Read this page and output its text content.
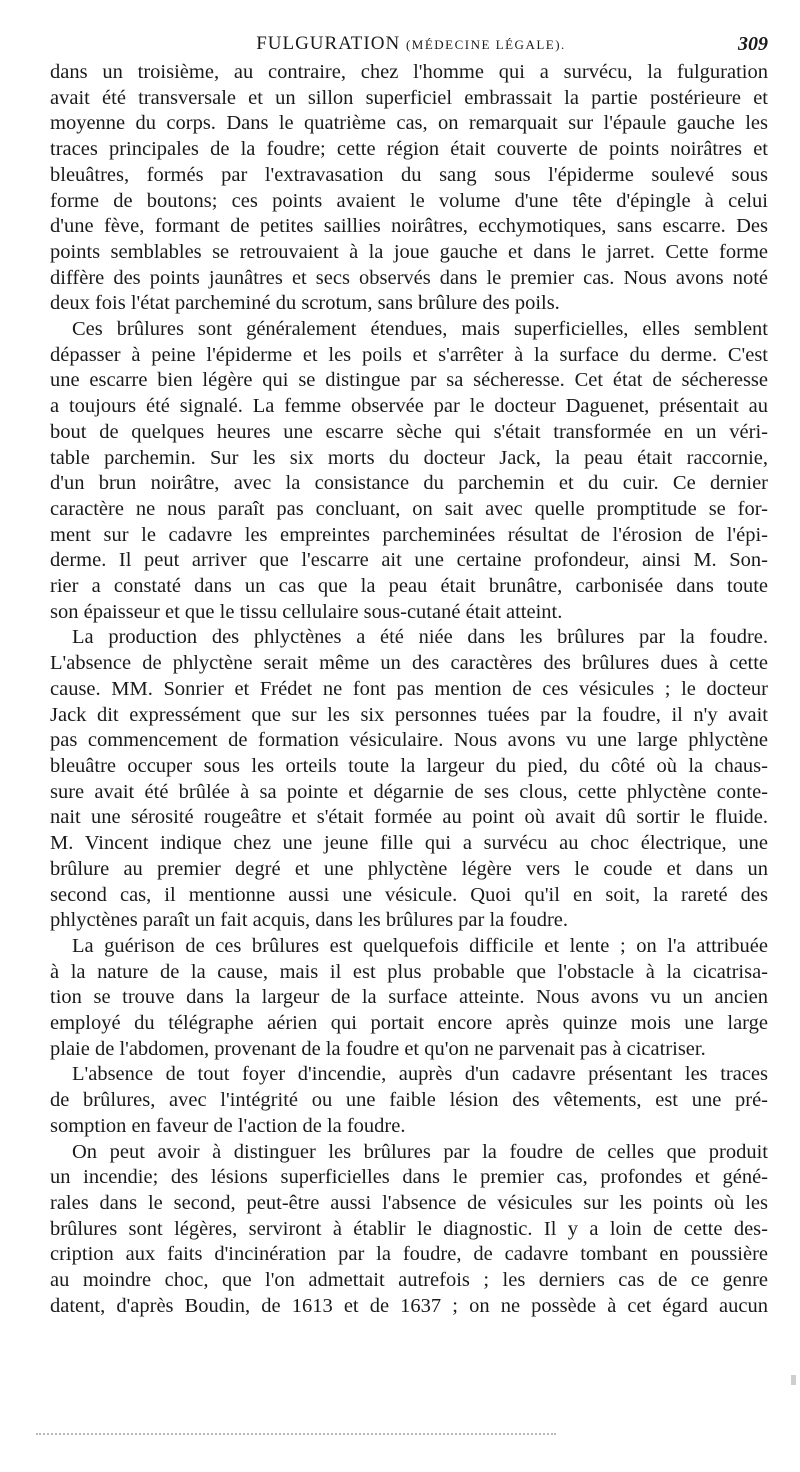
FULGURATION (MÉDECINE LÉGALE).	309
dans un troisième, au contraire, chez l'homme qui a survécu, la fulguration
avait été transversale et un sillon superficiel embrassait la partie postérieure et
moyenne du corps. Dans le quatrième cas, on remarquait sur l'épaule gauche les
traces principales de la foudre; cette région était couverte de points noirâtres et
bleuâtres, formés par l'extravasation du sang sous l'épiderme soulevé sous
forme de boutons; ces points avaient le volume d'une tête d'épingle à celui
d'une fève, formant de petites saillies noirâtres, ecchymotiques, sans escarre. Des
points semblables se retrouvaient à la joue gauche et dans le jarret. Cette forme
diffère des points jaunâtres et secs observés dans le premier cas. Nous avons noté
deux fois l'état parcheminé du scrotum, sans brûlure des poils.
Ces brûlures sont généralement étendues, mais superficielles, elles semblent
dépasser à peine l'épiderme et les poils et s'arrêter à la surface du derme. C'est
une escarre bien légère qui se distingue par sa sécheresse. Cet état de sécheresse
a toujours été signalé. La femme observée par le docteur Daguenet, présentait au
bout de quelques heures une escarre sèche qui s'était transformée en un véri-
table parchemin. Sur les six morts du docteur Jack, la peau était raccornie,
d'un brun noirâtre, avec la consistance du parchemin et du cuir. Ce dernier
caractère ne nous paraît pas concluant, on sait avec quelle promptitude se for-
ment sur le cadavre les empreintes parcheminées résultat de l'érosion de l'épi-
derme. Il peut arriver que l'escarre ait une certaine profondeur, ainsi M. Son-
rier a constaté dans un cas que la peau était brunâtre, carbonisée dans toute
son épaisseur et que le tissu cellulaire sous-cutané était atteint.
La production des phlyctènes a été niée dans les brûlures par la foudre.
L'absence de phlyctène serait même un des caractères des brûlures dues à cette
cause. MM. Sonrier et Frédet ne font pas mention de ces vésicules ; le docteur
Jack dit expressément que sur les six personnes tuées par la foudre, il n'y avait
pas commencement de formation vésiculaire. Nous avons vu une large phlyctène
bleuâtre occuper sous les orteils toute la largeur du pied, du côté où la chaus-
sure avait été brûlée à sa pointe et dégarnie de ses clous, cette phlyctène conte-
nait une sérosité rougeâtre et s'était formée au point où avait dû sortir le fluide.
M. Vincent indique chez une jeune fille qui a survécu au choc électrique, une
brûlure au premier degré et une phlyctène légère vers le coude et dans un
second cas, il mentionne aussi une vésicule. Quoi qu'il en soit, la rareté des
phlyctènes paraît un fait acquis, dans les brûlures par la foudre.
La guérison de ces brûlures est quelquefois difficile et lente ; on l'a attribuée
à la nature de la cause, mais il est plus probable que l'obstacle à la cicatrisa-
tion se trouve dans la largeur de la surface atteinte. Nous avons vu un ancien
employé du télégraphe aérien qui portait encore après quinze mois une large
plaie de l'abdomen, provenant de la foudre et qu'on ne parvenait pas à cicatriser.
L'absence de tout foyer d'incendie, auprès d'un cadavre présentant les traces
de brûlures, avec l'intégrité ou une faible lésion des vêtements, est une pré-
somption en faveur de l'action de la foudre.
On peut avoir à distinguer les brûlures par la foudre de celles que produit
un incendie; des lésions superficielles dans le premier cas, profondes et géné-
rales dans le second, peut-être aussi l'absence de vésicules sur les points où les
brûlures sont légères, serviront à établir le diagnostic. Il y a loin de cette des-
cription aux faits d'incinération par la foudre, de cadavre tombant en poussière
au moindre choc, que l'on admettait autrefois ; les derniers cas de ce genre
datent, d'après Boudin, de 1613 et de 1637 ; on ne possède à cet égard aucun
